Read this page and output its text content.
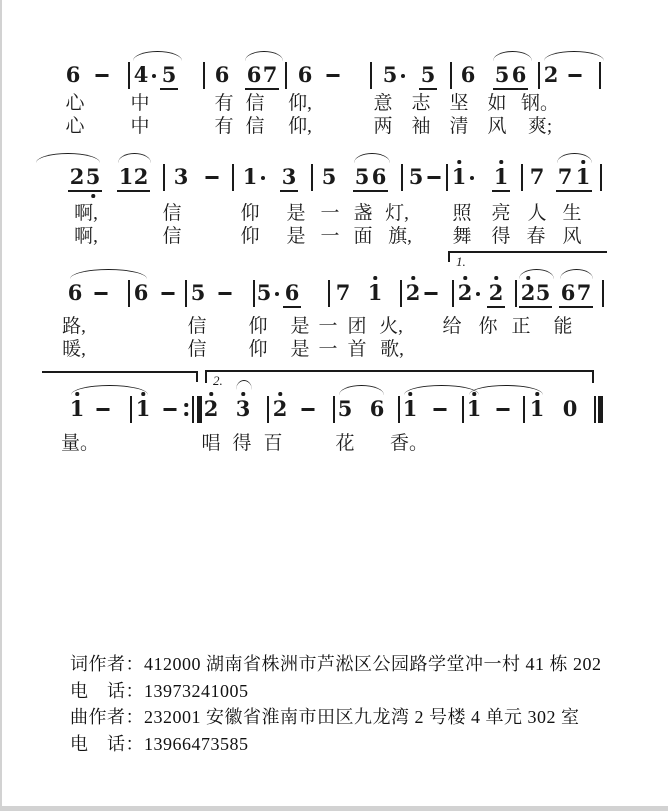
6	4 5 6 6 7 6	5 5 6 5 6 2
心 中	有 信 仰,	意 志 坚 如 钢。
心 中	有 信 仰,	两 袖 清 风 爽;
2 5 1 2 3	1 3 5 5 6 5 1 1 7 7 1
啊,	信	仰 是 一 盏 灯, 照 亮 人 生
啊,	信	仰 是 一 面 旗, 舞 得 春 风
6 6 5 5 6 7 1 2 2 2 2 5 6 7
路,	信 仰 是 一 团 火, 给 你 正 能
暖,	信 仰 是 一 首 歌,
1 1	2 3 2 5 6 1 1 1 0
量。	唱 得 百	花 香。
1.
2.
词作者：412000 湖南省株洲市芦淞区公园路学堂冲一村 41 栋 202
电　话：13973241005
曲作者：232001 安徽省淮南市田区九龙湾 2 号楼 4 单元 302 室
电　话：13966473585
